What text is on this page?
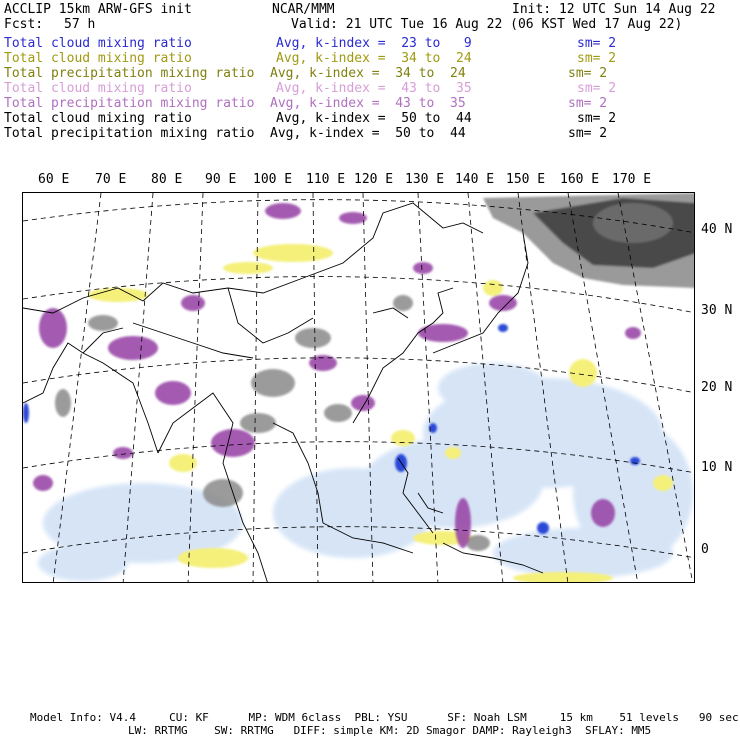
ACCLIP 15km ARW-GFS init	NCAR/MMM	Init: 12 UTC Sun 14 Aug 22
Fcst: 57 h	Valid: 21 UTC Tue 16 Aug 22 (06 KST Wed 17 Aug 22)
Total cloud mixing ratio	Avg, k-index =  23 to   9	sm= 2
Total cloud mixing ratio	Avg, k-index =  34 to  24	sm= 2
Total precipitation mixing ratio Avg, k-index =  34 to  24	sm= 2
Total cloud mixing ratio	Avg, k-index =  43 to  35	sm= 2
Total precipitation mixing ratio Avg, k-index =  43 to  35	sm= 2
Total cloud mixing ratio	Avg, k-index =  50 to  44	sm= 2
Total precipitation mixing ratio Avg, k-index =  50 to  44	sm= 2
60 E 70 E 80 E 90 E 100 E 110 E 120 E 130 E 140 E 150 E 160 E 170 E
40 N
30 N
20 N
10 N
0
Model Info: V4.4     CU: KF      MP: WDM 6class  PBL: YSU      SF: Noah LSM     15 km    51 levels   90 sec
LW: RRTMG    SW: RRTMG   DIFF: simple KM: 2D Smagor DAMP: Rayleigh3  SFLAY: MM5
